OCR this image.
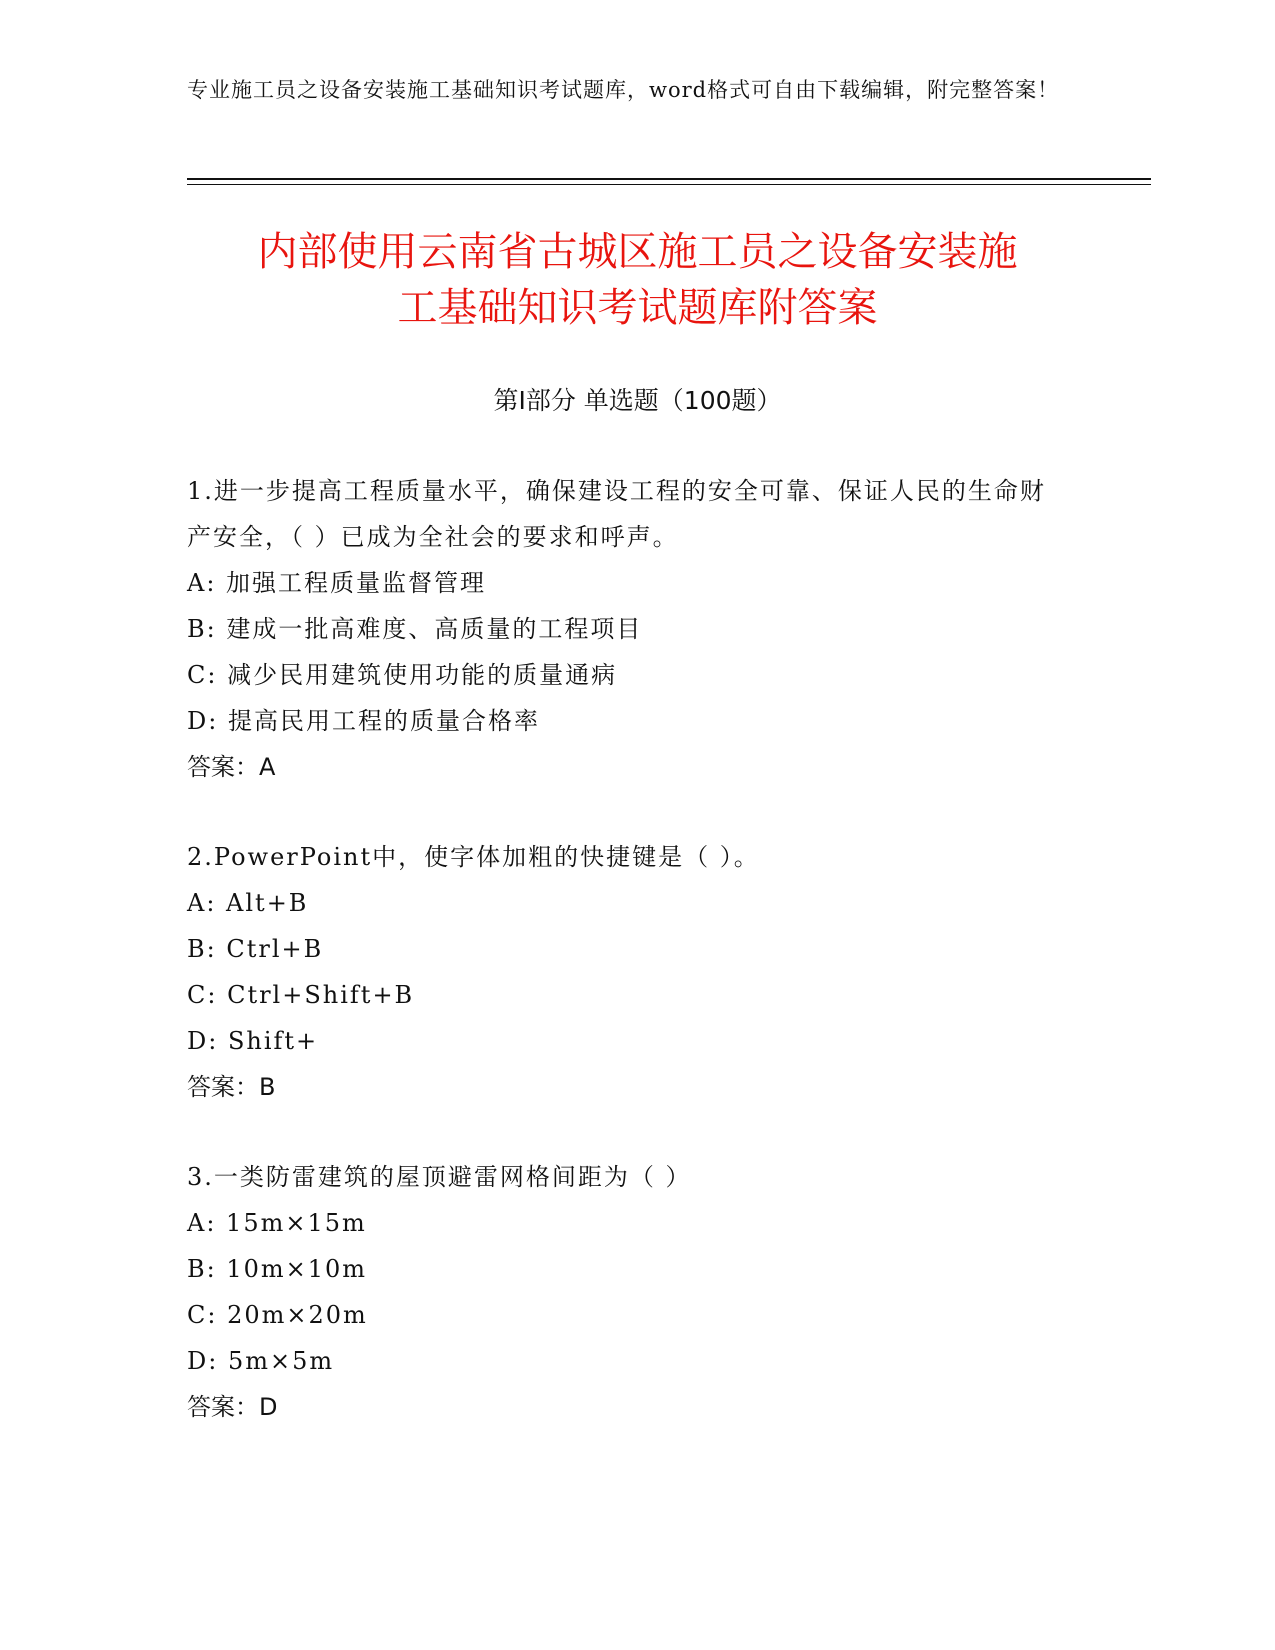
专业施工员之设备安装施工基础知识考试题库，word格式可自由下载编辑，附完整答案！
内部使用云南省古城区施工员之设备安装施
工基础知识考试题库附答案
第Ⅰ部分 单选题（100题）
1.进一步提高工程质量水平，确保建设工程的安全可靠、保证人民的生命财产安全，（ ）已成为全社会的要求和呼声。
A: 加强工程质量监督管理
B: 建成一批高难度、高质量的工程项目
C: 减少民用建筑使用功能的质量通病
D: 提高民用工程的质量合格率
答案：A
2.PowerPoint中，使字体加粗的快捷键是（ ）。
A: Alt+B
B: Ctrl+B
C: Ctrl+Shift+B
D: Shift+
答案：B
3.一类防雷建筑的屋顶避雷网格间距为（ ）
A: 15m×15m
B: 10m×10m
C: 20m×20m
D: 5m×5m
答案：D
